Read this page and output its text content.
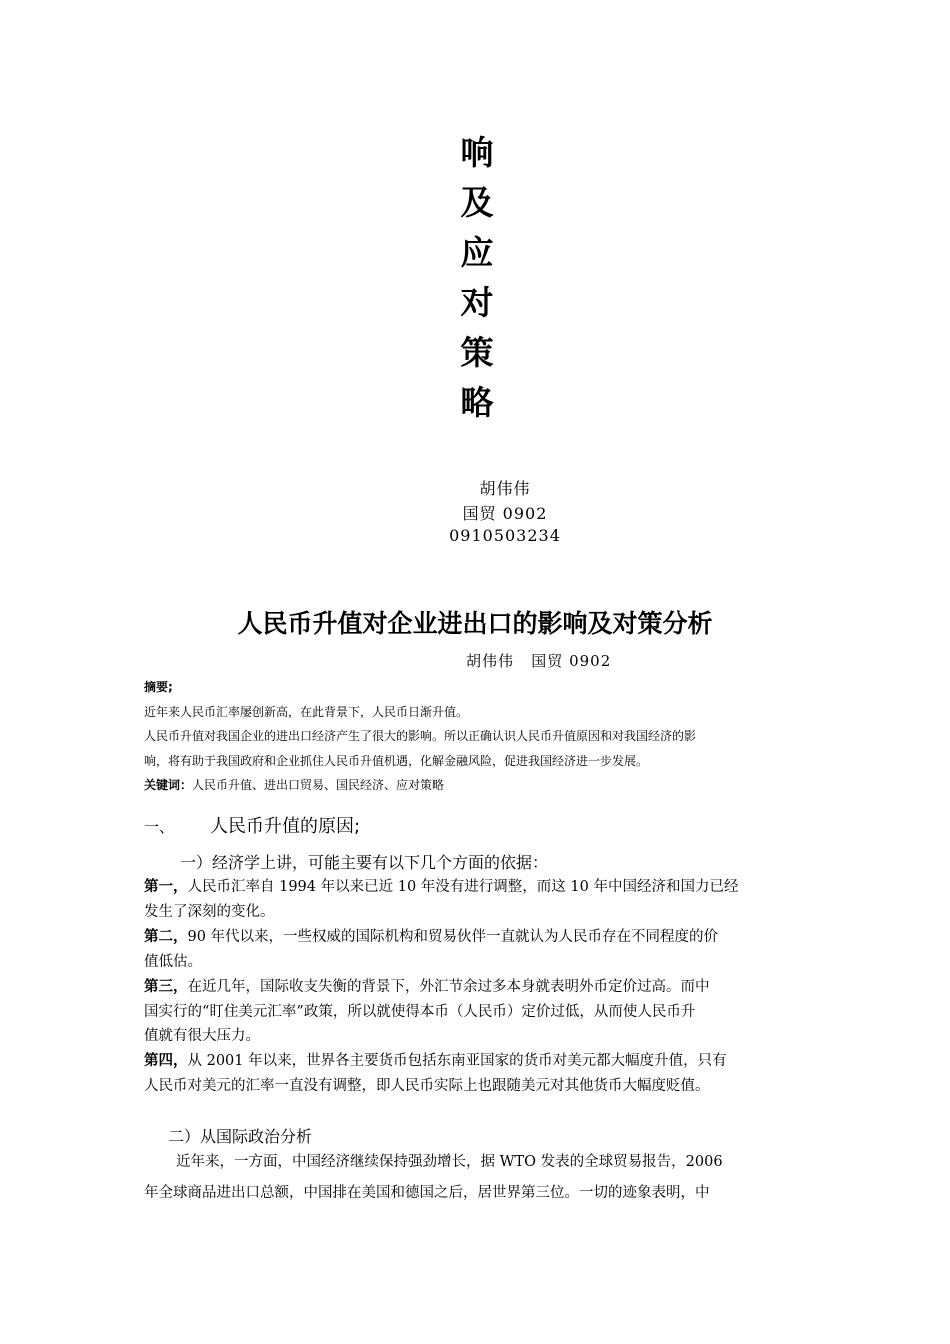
响
及
应
对
策
略
胡伟伟
国贸 0902
0910503234
人民币升值对企业进出口的影响及对策分析
胡伟伟   国贸 0902
摘要;
近年来人民币汇率屡创新高，在此背景下，人民币日渐升值。
人民币升值对我国企业的进出口经济产生了很大的影响。所以正确认识人民币升值原因和对我国经济的影
响，将有助于我国政府和企业抓住人民币升值机遇，化解金融风险，促进我国经济进一步发展。
关键词：人民币升值、进出口贸易、国民经济、应对策略
一、 人民币升值的原因;
一）经济学上讲，可能主要有以下几个方面的依据：
第一，人民币汇率自 1994 年以来已近 10 年没有进行调整，而这 10 年中国经济和国力已经
发生了深刻的变化。
第二，90 年代以来，一些权威的国际机构和贸易伙伴一直就认为人民币存在不同程度的价
值低估。
第三，在近几年，国际收支失衡的背景下，外汇节余过多本身就表明外币定价过高。而中
国实行的“盯住美元汇率”政策，所以就使得本币（人民币）定价过低，从而使人民币升
值就有很大压力。
第四，从 2001 年以来，世界各主要货币包括东南亚国家的货币对美元都大幅度升值，只有
人民币对美元的汇率一直没有调整，即人民币实际上也跟随美元对其他货币大幅度贬值。
二）从国际政治分析
近年来，一方面，中国经济继续保持强劲增长，据 WTO 发表的全球贸易报告，2006
年全球商品进出口总额，中国排在美国和德国之后，居世界第三位。一切的迹象表明，中
